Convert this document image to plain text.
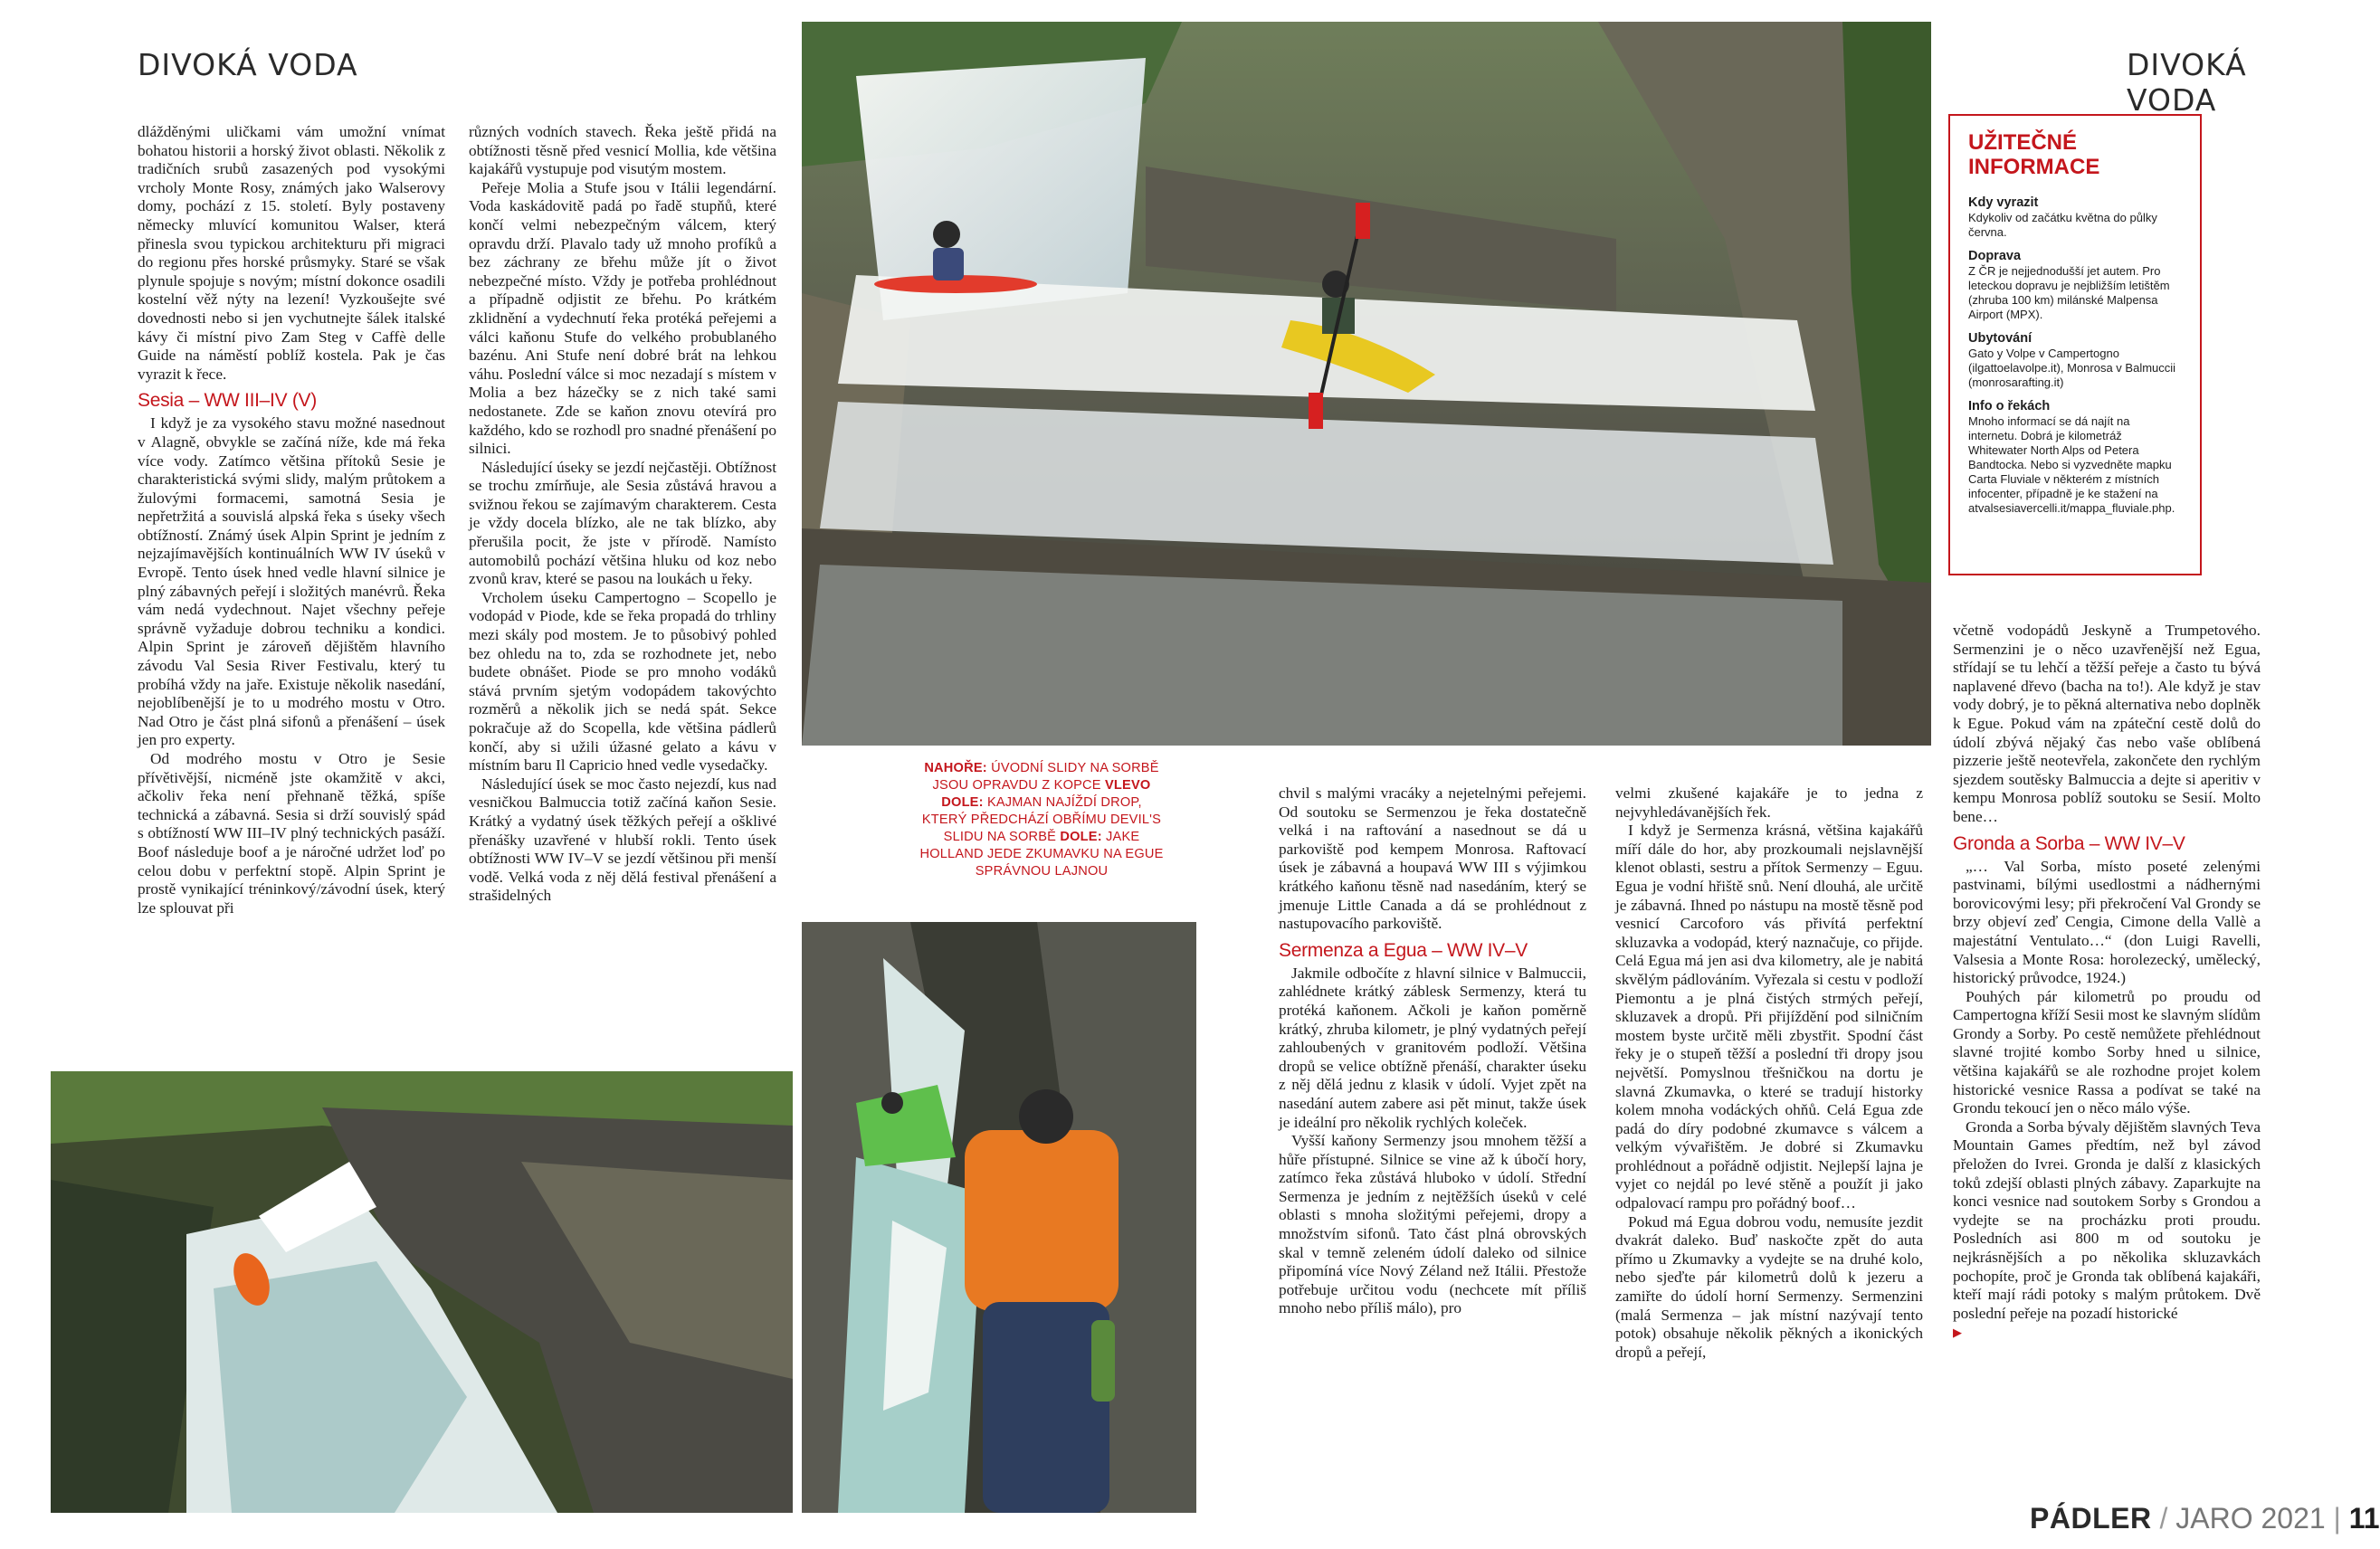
DIVOKÁ VODA	DIVOKÁ VODA

dlážděnými uličkami vám umožní vnímat bohatou historii a horský život oblasti. Několik z tradičních srubů zasazených pod vysokými vrcholy Monte Rosy, známých jako Walserovy domy, pochází z 15. století. Byly postaveny německy mluvící komunitou Walser, která přinesla svou typickou architekturu při migraci do regionu přes horské průsmyky. Staré se však plynule spojuje s novým; místní dokonce osadili kostelní věž nýty na lezení! Vyzkoušejte své dovednosti nebo si jen vychutnejte šálek italské kávy či místní pivo Zam Steg v Caffè delle Guide na náměstí poblíž kostela. Pak je čas vyrazit k řece.

Sesia – WW III–IV (V)

I když je za vysokého stavu možné nasednout v Alagně, obvykle se začíná níže, kde má řeka více vody. Zatímco většina přítoků Sesie je charakteristická svými slidy, malým průtokem a žulovými formacemi, samotná Sesia je nepřetržitá a souvislá alpská řeka s úseky všech obtížností. Známý úsek Alpin Sprint je jedním z nejzajímavějších kontinuálních WW IV úseků v Evropě. Tento úsek hned vedle hlavní silnice je plný zábavných peřejí i složitých manévrů. Řeka vám nedá vydechnout. Najet všechny peřeje správně vyžaduje dobrou techniku a kondici. Alpin Sprint je zároveň dějištěm hlavního závodu Val Sesia River Festivalu, který tu probíhá vždy na jaře. Existuje několik nasedání, nejoblíbenější je to u modrého mostu v Otro. Nad Otro je část plná sifonů a přenášení – úsek jen pro experty.

Od modrého mostu v Otro je Sesie přívětivější, nicméně jste okamžitě v akci, ačkoliv řeka není přehnaně těžká, spíše technická a zábavná. Sesia si drží souvislý spád s obtížností WW III–IV plný technických pasáží. Boof následuje boof a je náročné udržet loď po celou dobu v perfektní stopě. Alpin Sprint je prostě vynikající tréninkový/závodní úsek, který lze splouvat při

různých vodních stavech. Řeka ještě přidá na obtížnosti těsně před vesnicí Mollia, kde většina kajakářů vystupuje pod visutým mostem.

Peřeje Molia a Stufe jsou v Itálii legendární. Voda kaskádovitě padá po řadě stupňů, které končí velmi nebezpečným válcem, který opravdu drží. Plavalo tady už mnoho profíků a bez záchrany ze břehu může jít o život nebezpečné místo. Vždy je potřeba prohlédnout a případně odjistit ze břehu. Po krátkém zklidnění a vydechnutí řeka protéká peřejemi a válci kaňonu Stufe do velkého probublaného bazénu. Ani Stufe není dobré brát na lehkou váhu. Poslední válce si moc nezadají s místem v Molia a bez házečky se z nich také sami nedostanete. Zde se kaňon znovu otevírá pro každého, kdo se rozhodl pro snadné přenášení po silnici.

Následující úseky se jezdí nejčastěji. Obtížnost se trochu zmírňuje, ale Sesia zůstává hravou a svižnou řekou se zajímavým charakterem. Cesta je vždy docela blízko, ale ne tak blízko, aby přerušila pocit, že jste v přírodě. Namísto automobilů pochází většina hluku od koz nebo zvonů krav, které se pasou na loukách u řeky.

Vrcholem úseku Campertogno – Scopello je vodopád v Piode, kde se řeka propadá do trhliny mezi skály pod mostem. Je to působivý pohled bez ohledu na to, zda se rozhodnete jet, nebo budete obnášet. Piode se pro mnoho vodáků stává prvním sjetým vodopádem takovýchto rozměrů a několik jich se nedá spát. Sekce pokračuje až do Scopella, kde většina pádlerů končí, aby si užili úžasné gelato a kávu v místním baru Il Capricio hned vedle vysedačky.

Následující úsek se moc často nejezdí, kus nad vesničkou Balmuccia totiž začíná kaňon Sesie. Krátký a vydatný úsek těžkých peřejí a ošklivé přenášky uzavřené v hlubší rokli. Tento úsek obtížnosti WW IV–V se jezdí většinou při menší vodě. Velká voda z něj dělá festival přenášení a strašidelných

NAHOŘE: ÚVODNÍ SLIDY NA SORBĚ JSOU OPRAVDU Z KOPCE VLEVO DOLE: KAJMAN NAJÍŽDÍ DROP, KTERÝ PŘEDCHÁZÍ OBŘÍMU DEVIL'S SLIDU NA SORBĚ DOLE: JAKE HOLLAND JEDE ZKUMAVKU NA EGUE SPRÁVNOU LAJNOU

chvil s malými vracáky a nejetelnými peřejemi. Od soutoku se Sermenzou je řeka dostatečně velká i na raftování a nasednout se dá u parkoviště pod kempem Monrosa. Raftovací úsek je zábavná a houpavá WW III s výjimkou krátkého kaňonu těsně nad nasedáním, který se jmenuje Little Canada a dá se prohlédnout z nastupovacího parkoviště.

Sermenza a Egua – WW IV–V

Jakmile odbočíte z hlavní silnice v Balmuccii, zahlédnete krátký záblesk Sermenzy, která tu protéká kaňonem. Ačkoli je kaňon poměrně krátký, zhruba kilometr, je plný vydatných peřejí zahloubených v granitovém podloží. Většina dropů se velice obtížně přenáší, charakter úseku z něj dělá jednu z klasik v údolí. Vyjet zpět na nasedání autem zabere asi pět minut, takže úsek je ideální pro několik rychlých koleček.

Vyšší kaňony Sermenzy jsou mnohem těžší a hůře přístupné. Silnice se vine až k úbočí hory, zatímco řeka zůstává hluboko v údolí. Střední Sermenza je jedním z nejtěžších úseků v celé oblasti s mnoha složitými peřejemi, dropy a množstvím sifonů. Tato část plná obrovských skal v temně zeleném údolí daleko od silnice připomíná více Nový Zéland než Itálii. Přestože potřebuje určitou vodu (nechcete mít příliš mnoho nebo příliš málo), pro

velmi zkušené kajakáře je to jedna z nejvyhledávanějších řek.

I když je Sermenza krásná, většina kajakářů míří dále do hor, aby prozkoumali nejslavnější klenot oblasti, sestru a přítok Sermenzy – Eguu. Egua je vodní hřiště snů. Není dlouhá, ale určitě je zábavná. Ihned po nástupu na mostě těsně pod vesnicí Carcoforo vás přivítá perfektní skluzavka a vodopád, který naznačuje, co přijde. Celá Egua má jen asi dva kilometry, ale je nabitá skvělým pádlováním. Vyřezala si cestu v podloží Piemontu a je plná čistých strmých peřejí, skluzavek a dropů. Při přijíždění pod silničním mostem byste určitě měli zbystřit. Spodní část řeky je o stupeň těžší a poslední tři dropy jsou největší. Pomyslnou třešničkou na dortu je slavná Zkumavka, o které se tradují historky kolem mnoha vodáckých ohňů. Celá Egua zde padá do díry podobné zkumavce s válcem a velkým vývařištěm. Je dobré si Zkumavku prohlédnout a pořádně odjistit. Nejlepší lajna je vyjet co nejdál po levé stěně a použít ji jako odpalovací rampu pro pořádný boof…

Pokud má Egua dobrou vodu, nemusíte jezdit dvakrát daleko. Buď naskočte zpět do auta přímo u Zkumavky a vydejte se na druhé kolo, nebo sjeďte pár kilometrů dolů k jezeru a zamiřte do údolí horní Sermenzy. Sermenzini (malá Sermenza – jak místní nazývají tento potok) obsahuje několik pěkných a ikonických dropů a peřejí,

UŽITEČNÉ INFORMACE
Kdy vyrazit

Kdykoliv od začátku května do půlky června.

Doprava

Z ČR je nejjednodušší jet autem. Pro leteckou dopravu je nejbližším letištěm (zhruba 100 km) milánské Malpensa Airport (MPX).

Ubytování

Gato y Volpe v Campertogno (ilgattoelavolpe.it), Monrosa v Balmuccii (monrosarafting.it)

Info o řekách

Mnoho informací se dá najít na internetu. Dobrá je kilometráž Whitewater North Alps od Petera Bandtocka. Nebo si vyzvedněte mapku Carta Fluviale v některém z místních infocenter, případně je ke stažení na atvalsesiavercelli.it/mappa_fluviale.php.

včetně vodopádů Jeskyně a Trumpetového. Sermenzini je o něco uzavřenější než Egua, střídají se tu lehčí a těžší peřeje a často tu bývá naplavené dřevo (bacha na to!). Ale když je stav vody dobrý, je to pěkná alternativa nebo doplněk k Egue. Pokud vám na zpáteční cestě dolů do údolí zbývá nějaký čas nebo vaše oblíbená pizzerie ještě neotevřela, zakončete den rychlým sjezdem soutěsky Balmuccia a dejte si aperitiv v kempu Monrosa poblíž soutoku se Sesií. Molto bene…

Gronda a Sorba – WW IV–V

„… Val Sorba, místo poseté zelenými pastvinami, bílými usedlostmi a nádhernými borovicovými lesy; při překročení Val Grondy se brzy objeví zeď Cengia, Cimone della Vallè a majestátní Ventulato…“ (don Luigi Ravelli, Valsesia a Monte Rosa: horolezecký, umělecký, historický průvodce, 1924.)

Pouhých pár kilometrů po proudu od Campertogna kříží Sesii most ke slavným slídům Grondy a Sorby. Po cestě nemůžete přehlédnout slavné trojité kombo Sorby hned u silnice, většina kajakářů se ale rozhodne projet kolem historické vesnice Rassa a podívat se také na Grondu tekoucí jen o něco málo výše.

Gronda a Sorba bývaly dějištěm slavných Teva Mountain Games předtím, než byl závod přeložen do Ivrei. Gronda je další z klasických toků zdejší oblasti plných zábavy. Zaparkujte na konci vesnice nad soutokem Sorby s Grondou a vydejte se na procházku proti proudu. Posledních asi 800 m od soutoku je nejkrásnějších a po několika skluzavkách pochopíte, proč je Gronda tak oblíbená kajakáři, kteří mají rádi potoky s malým průtokem. Dvě poslední peřeje na pozadí historické

▶
PÁDLER / JARO 2021 | 11
